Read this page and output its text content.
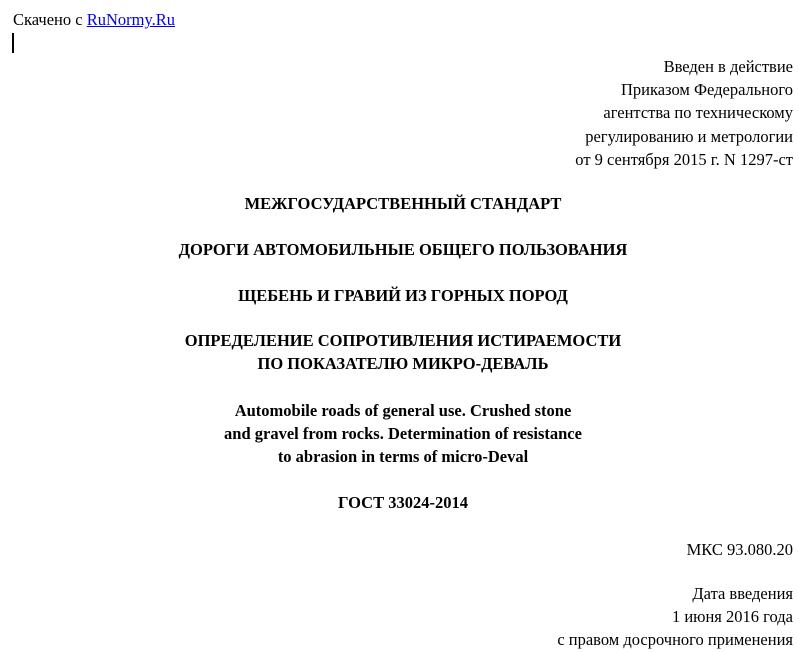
Скачено с RuNormy.Ru
Введен в действие
Приказом Федерального
агентства по техническому
регулированию и метрологии
от 9 сентября 2015 г. N 1297-ст
МЕЖГОСУДАРСТВЕННЫЙ СТАНДАРТ
ДОРОГИ АВТОМОБИЛЬНЫЕ ОБЩЕГО ПОЛЬЗОВАНИЯ
ЩЕБЕНЬ И ГРАВИЙ ИЗ ГОРНЫХ ПОРОД
ОПРЕДЕЛЕНИЕ СОПРОТИВЛЕНИЯ ИСТИРАЕМОСТИ
ПО ПОКАЗАТЕЛЮ МИКРО-ДЕВАЛЬ
Automobile roads of general use. Crushed stone
and gravel from rocks. Determination of resistance
to abrasion in terms of micro-Deval
ГОСТ 33024-2014
МКС 93.080.20
Дата введения
1 июня 2016 года
с правом досрочного применения
